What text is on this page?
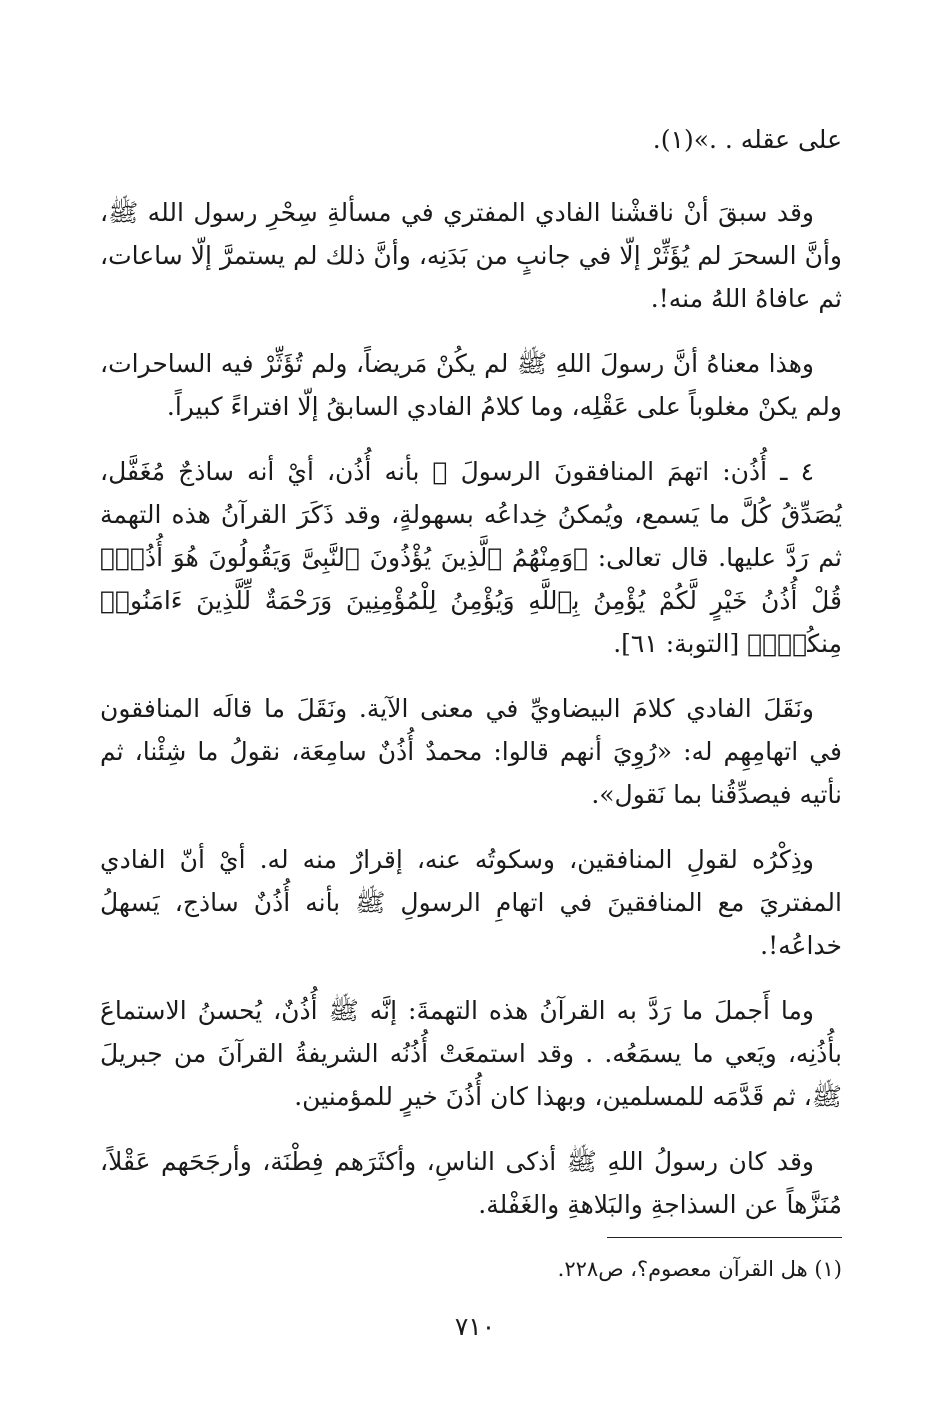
على عقله . .»(١).

وقد سبقَ أنْ ناقشْنا الفادي المفتري في مسألةِ سِحْرِ رسول الله ﷺ، وأنَّ السحرَ لم يُؤَثِّرْ إلّا في جانبٍ من بَدَنِه، وأنَّ ذلك لم يستمرَّ إلّا ساعات، ثم عافاهُ اللهُ منه!.

وهذا معناهُ أنَّ رسولَ اللهِ ﷺ لم يكُنْ مَريضاً، ولم تُؤَثِّرْ فيه الساحرات، ولم يكنْ مغلوباً على عَقْلِه، وما كلامُ الفادي السابقُ إلّا افتراءً كبيراً.

٤ ـ أُذُن: اتهمَ المنافقونَ الرسولَ ﷺ بأنه أُذُن، أيْ أنه ساذجٌ مُغَفَّل، يُصَدِّقُ كُلَّ ما يَسمع، ويُمكنُ خِداعُه بسهولةٍ، وقد ذَكَرَ القرآنُ هذه التهمة ثم رَدَّ عليها. قال تعالى: ﴿وَمِنْهُمُ ٱلَّذِينَ يُؤْذُونَ ٱلنَّبِىَّ وَيَقُولُونَ هُوَ أُذُنٌۚ قُلْ أُذُنُ خَيْرٍ لَّكُمْ يُؤْمِنُ بِٱللَّهِ وَيُؤْمِنُ لِلْمُؤْمِنِينَ وَرَحْمَةٌ لِّلَّذِينَ ءَامَنُوا۟ مِنكُمْۚ﴾ [التوبة: ٦١].

ونَقَلَ الفادي كلامَ البيضاويِّ في معنى الآية. ونَقَلَ ما قالَه المنافقون في اتهامِهِم له: «رُوِيَ أنهم قالوا: محمدٌ أُذُنٌ سامِعَة، نقولُ ما شِئْنا، ثم نأتيه فيصدِّقُنا بما نَقول».

وذِكْرُه لقولِ المنافقين، وسكوتُه عنه، إقرارٌ منه له. أيْ أنّ الفادي المفتريَ مع المنافقينَ في اتهامِ الرسولِ ﷺ بأنه أُذُنٌ ساذج، يَسهلُ خداعُه!.

وما أَجملَ ما رَدَّ به القرآنُ هذه التهمةَ: إنَّه ﷺ أُذُنٌ، يُحسنُ الاستماعَ بأُذُنِه، ويَعي ما يسمَعُه. . وقد استمعَتْ أُذُنُه الشريفةُ القرآنَ من جبريلَ ﷺ، ثم قَدَّمَه للمسلمين، وبهذا كان أُذُنَ خيرٍ للمؤمنين.

وقد كان رسولُ اللهِ ﷺ أذكى الناسِ، وأكثَرَهم فِطْنَة، وأرجَحَهم عَقْلاً، مُنَزَّهاً عن السذاجةِ والبَلاهةِ والغَفْلة.

(١) هل القرآن معصوم؟، ص٢٢٨.
٧١٠
